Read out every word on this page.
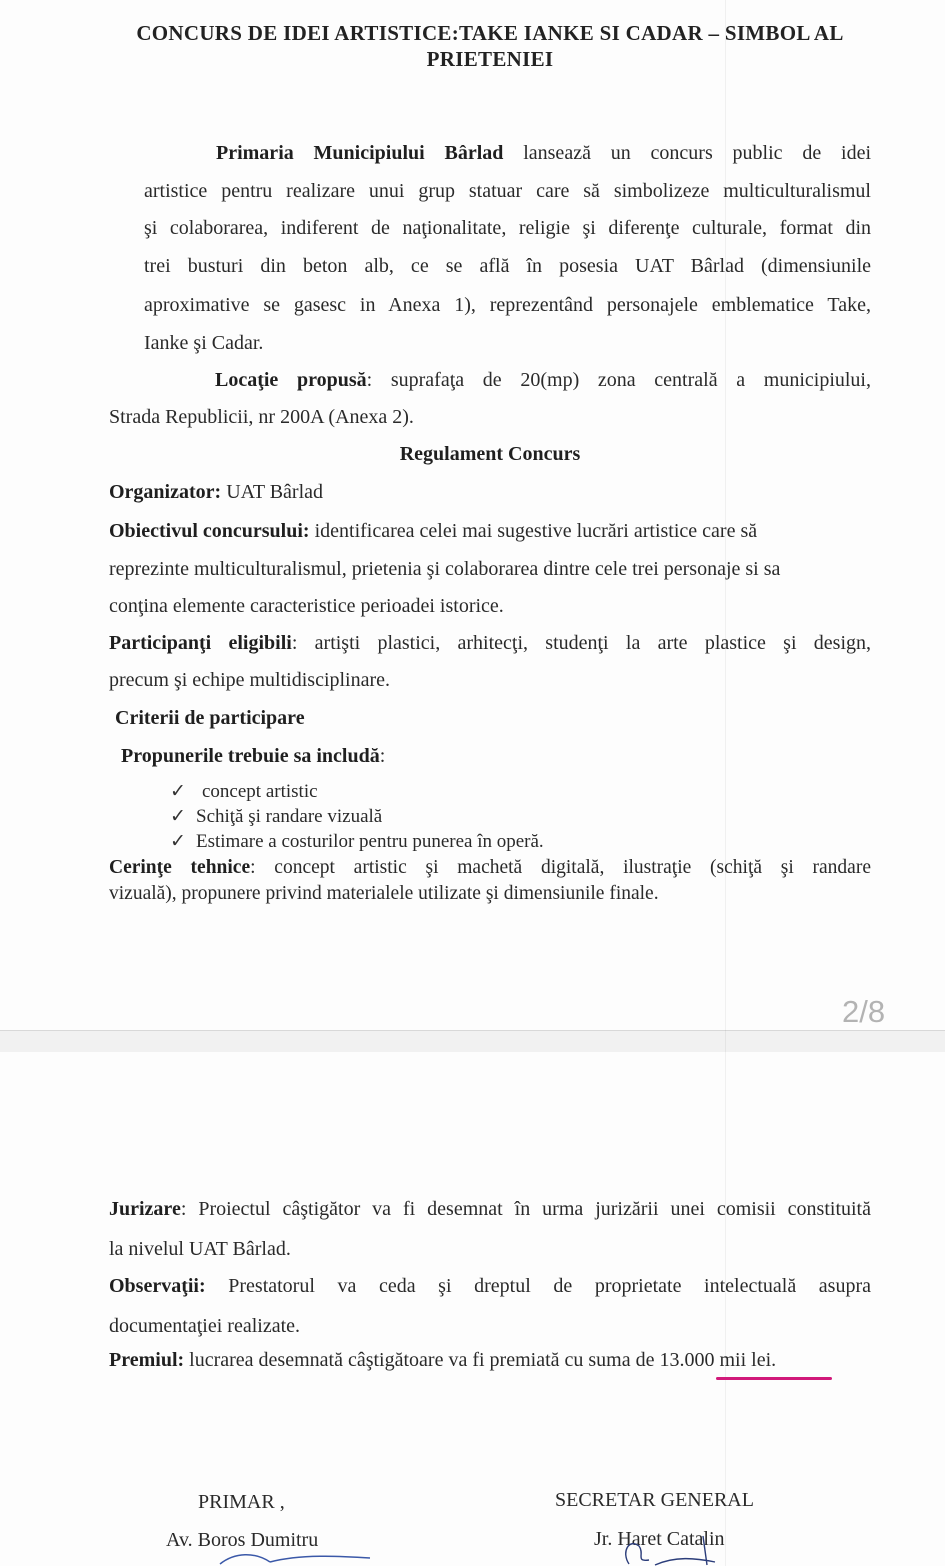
CONCURS DE IDEI ARTISTICE:TAKE IANKE SI CADAR – SIMBOL AL
PRIETENIEI
Primaria Municipiului Bârlad lansează un concurs public de idei
artistice pentru realizare unui grup statuar care să simbolizeze multiculturalismul
şi colaborarea, indiferent de naţionalitate, religie şi diferenţe culturale, format din
trei busturi din beton alb, ce se află în posesia UAT Bârlad (dimensiunile
aproximative se gasesc in Anexa 1), reprezentând personajele emblematice Take,
Ianke şi Cadar.
Locaţie propusă: suprafaţa de 20(mp) zona centrală a municipiului,
Strada Republicii, nr 200A (Anexa 2).
Regulament Concurs
Organizator: UAT Bârlad
Obiectivul concursului: identificarea celei mai sugestive lucrări artistice care să
reprezinte multiculturalismul, prietenia şi colaborarea dintre cele trei personaje si sa
conţina elemente caracteristice perioadei istorice.
Participanţi eligibili: artişti plastici, arhitecţi, studenţi la arte plastice şi design,
precum şi echipe multidisciplinare.
Criterii de participare
Propunerile trebuie sa includă:
✓ concept artistic
✓ Schiţă şi randare vizuală
✓ Estimare a costurilor pentru punerea în operă.
Cerinţe tehnice: concept artistic şi machetă digitală, ilustraţie (schiţă şi randare
vizuală), propunere privind materialele utilizate şi dimensiunile finale.
2/8
Jurizare: Proiectul câştigător va fi desemnat în urma jurizării unei comisii constituită
la nivelul UAT Bârlad.
Observaţii: Prestatorul va ceda şi dreptul de proprietate intelectuală asupra
documentaţiei realizate.
Premiul: lucrarea desemnată câştigătoare va fi premiată cu suma de 13.000 mii lei.
PRIMAR ,
Av. Boros Dumitru
SECRETAR GENERAL
Jr. Haret Catalin
